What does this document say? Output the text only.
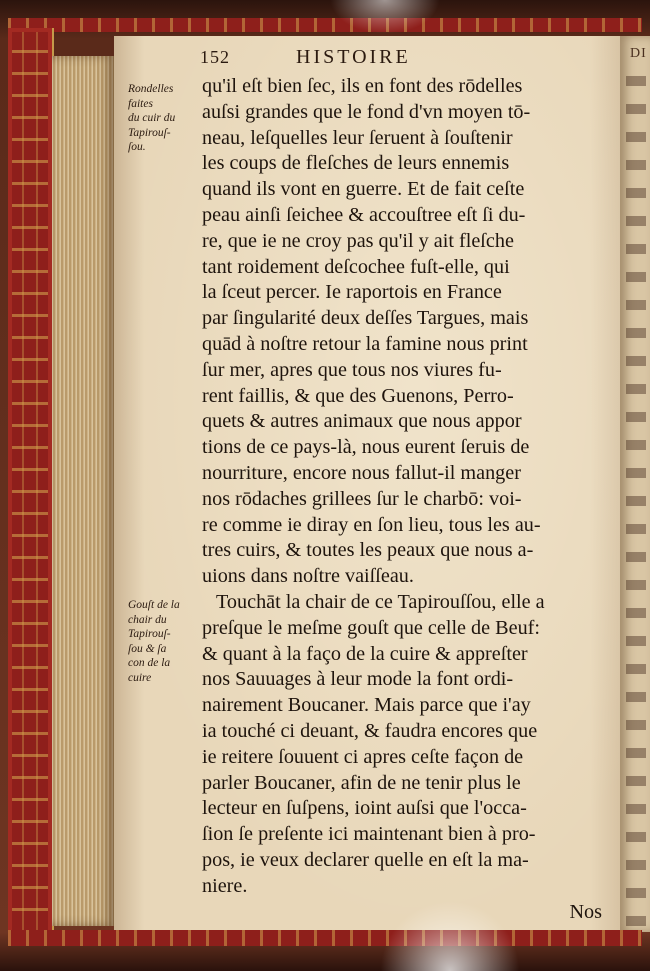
DI
152	HISTOIRE
Rondelles
faites
du cuir du
Tapirouſ-
ſou.
Gouſt de la
chair du
Tapirouſ-
ſou & ſa
con de la
cuire
qu'il eſt bien ſec, ils en font des rōdelles
auſsi grandes que le fond d'vn moyen tō-
neau, leſquelles leur ſeruent à ſouſtenir
les coups de fleſches de leurs ennemis
quand ils vont en guerre. Et de fait ceſte
peau ainſi ſeichee & accouſtree eſt ſi du-
re, que ie ne croy pas qu'il y ait fleſche
tant roidement deſcochee fuſt-elle, qui
la ſceut percer. Ie raportois en France
par ſingularité deux deſſes Targues, mais
quād à noſtre retour la famine nous print
ſur mer, apres que tous nos viures fu-
rent faillis, & que des Guenons, Perro-
quets & autres animaux que nous appor
tions de ce pays-là, nous eurent ſeruis de
nourriture, encore nous fallut-il manger
nos rōdaches grillees ſur le charbō: voi-
re comme ie diray en ſon lieu, tous les au-
tres cuirs, & toutes les peaux que nous a-
uions dans noſtre vaiſſeau.
Touchāt la chair de ce Tapirouſſou, elle a
preſque le meſme gouſt que celle de Beuf:
& quant à la faço de la cuire & appreſter
nos Sauuages à leur mode la font ordi-
nairement Boucaner. Mais parce que i'ay
ia touché ci deuant, & faudra encores que
ie reitere ſouuent ci apres ceſte façon de
parler Boucaner, afin de ne tenir plus le
lecteur en ſuſpens, ioint auſsi que l'occa-
ſion ſe preſente ici maintenant bien à pro-
pos, ie veux declarer quelle en eſt la ma-
niere.
Nos
